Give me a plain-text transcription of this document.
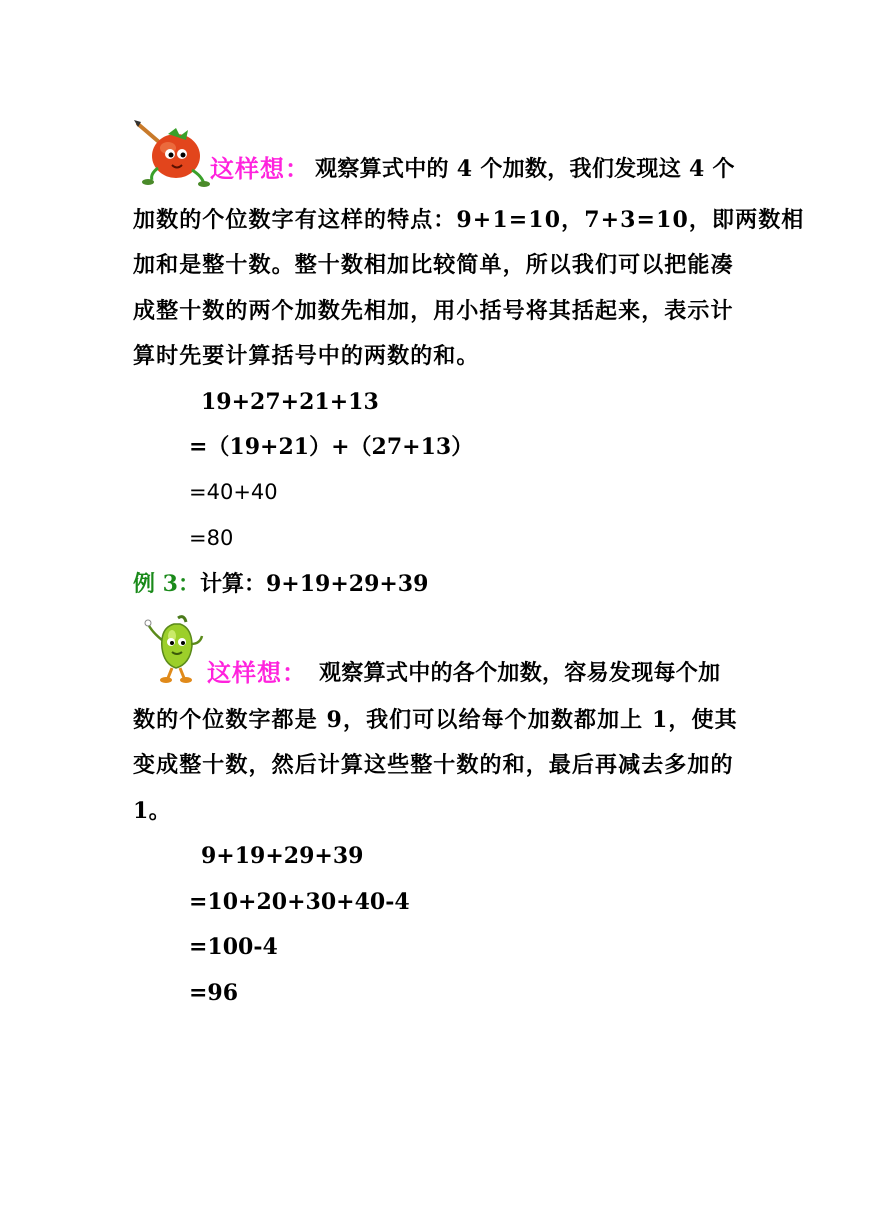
这样想： 观察算式中的 4 个加数，我们发现这 4 个
加数的个位数字有这样的特点：9+1=10，7+3=10，即两数相
加和是整十数。整十数相加比较简单，所以我们可以把能凑
成整十数的两个加数先相加，用小括号将其括起来，表示计
算时先要计算括号中的两数的和。
19+27+21+13
=（19+21）+（27+13）
=40+40
=80
例 3：计算：9+19+29+39
这样想： 观察算式中的各个加数，容易发现每个加
数的个位数字都是 9，我们可以给每个加数都加上 1，使其
变成整十数，然后计算这些整十数的和，最后再减去多加的
1。
9+19+29+39
=10+20+30+40-4
=100-4
=96
